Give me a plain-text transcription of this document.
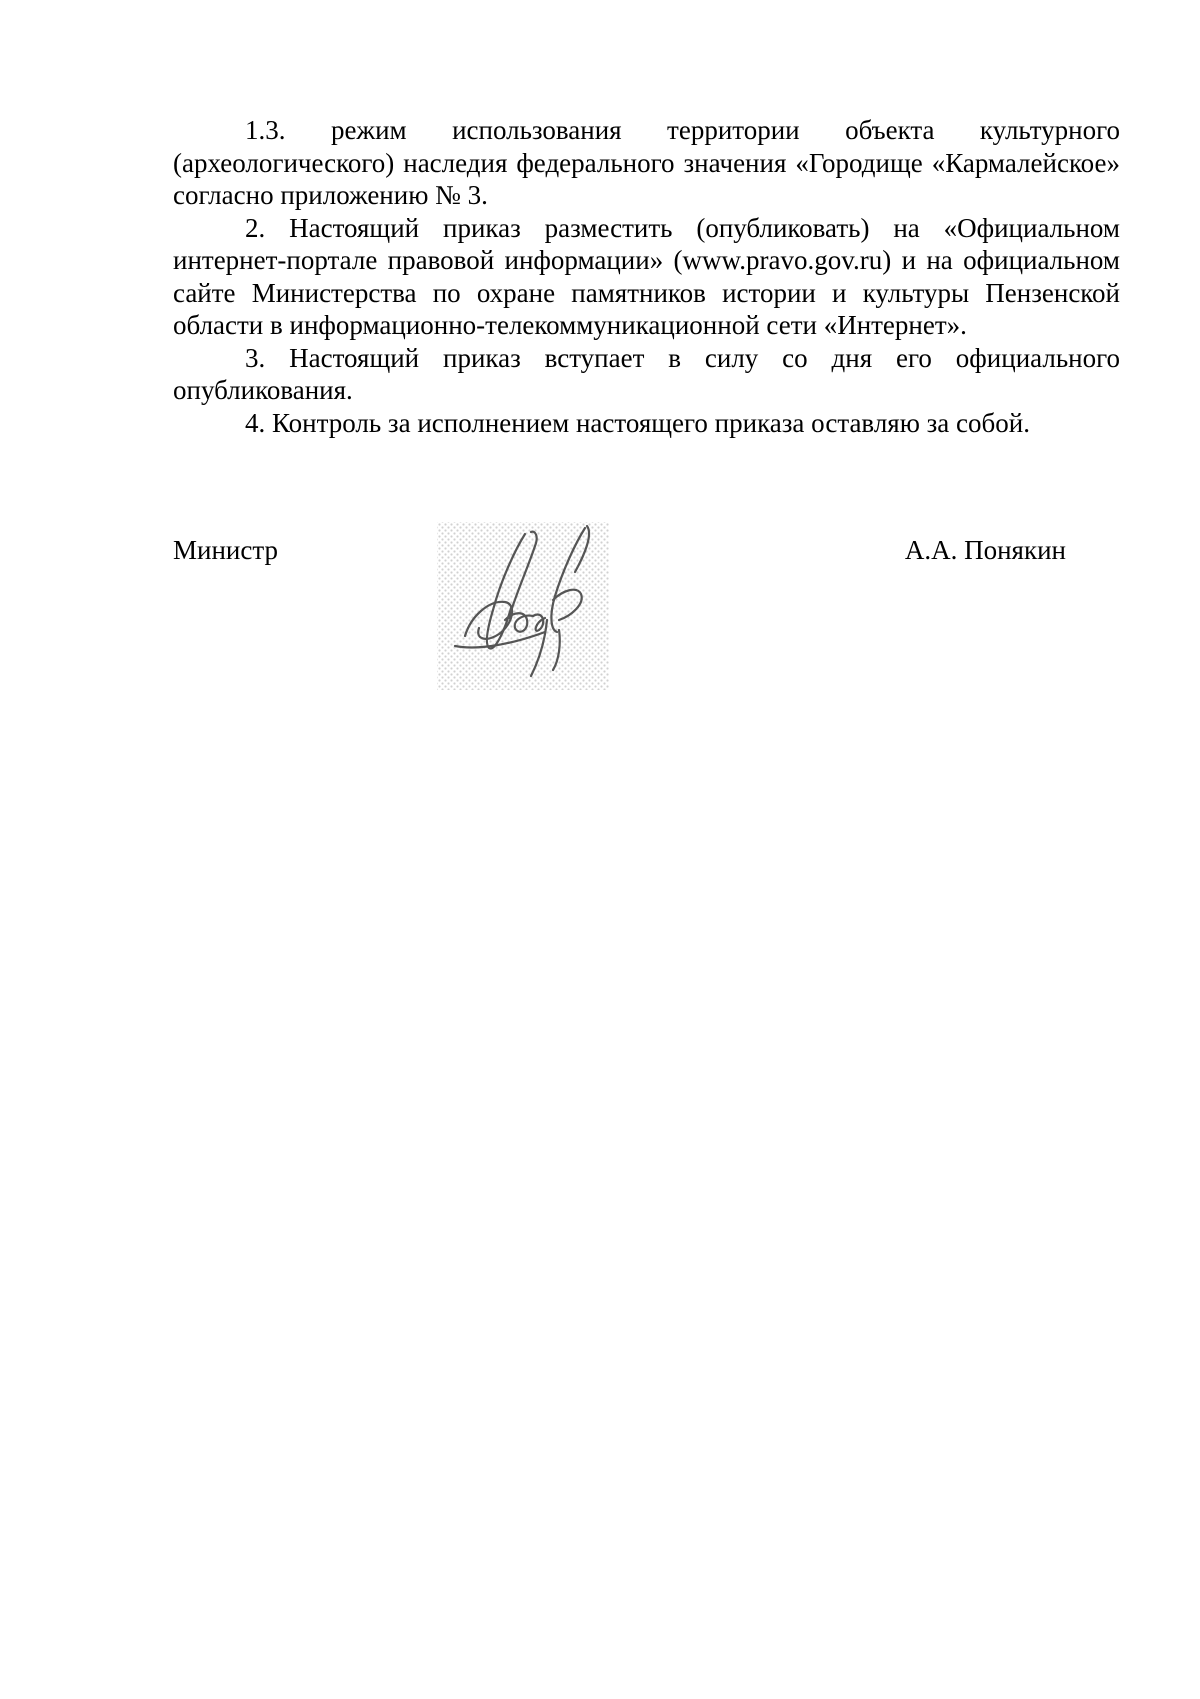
1.3. режим использования территории объекта культурного (археологического) наследия федерального значения «Городище «Кармалейское» согласно приложению № 3.

2. Настоящий приказ разместить (опубликовать) на «Официальном интернет-портале правовой информации» (www.pravo.gov.ru) и на официальном сайте Министерства по охране памятников истории и культуры Пензенской области в информационно-телекоммуникационной сети «Интернет».

3. Настоящий приказ вступает в силу со дня его официального опубликования.

4. Контроль за исполнением настоящего приказа оставляю за собой.

Министр	А.А. Понякин
